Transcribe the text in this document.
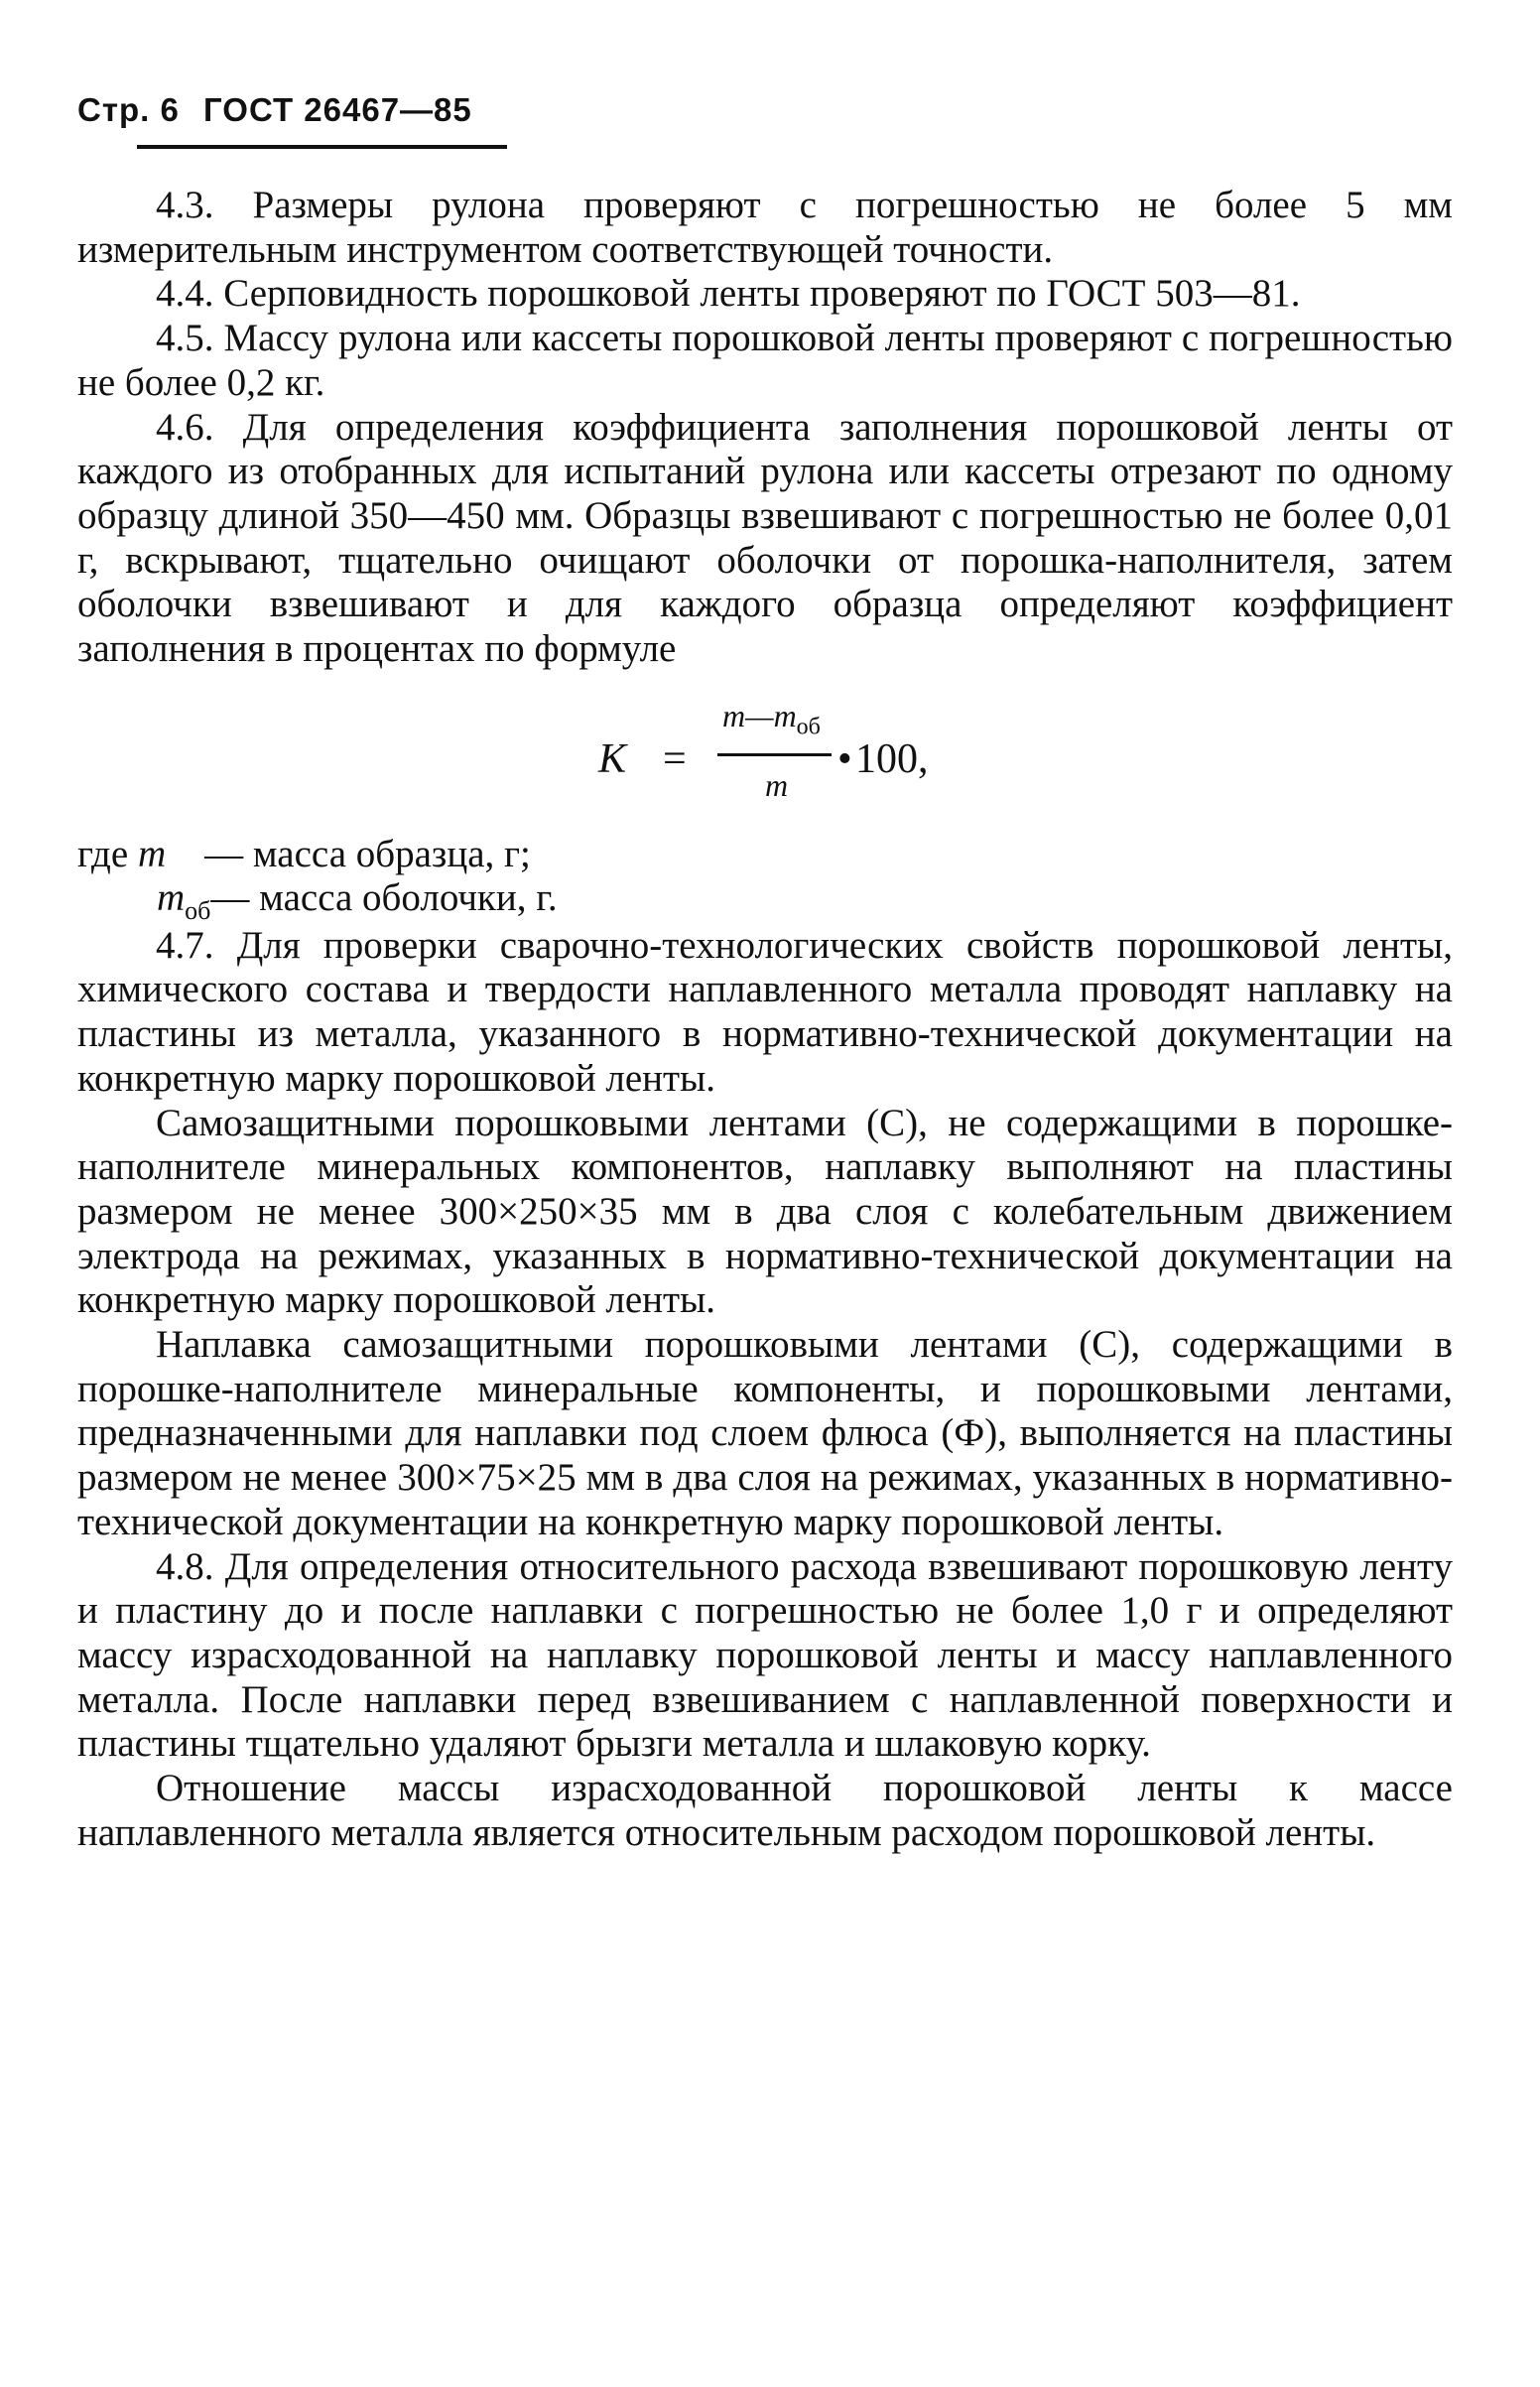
Стр. 6 ГОСТ 26467—85

4.3. Размеры рулона проверяют с погрешностью не более 5 мм измерительным инструментом соответствующей точности.

4.4. Серповидность порошковой ленты проверяют по ГОСТ 503—81.

4.5. Массу рулона или кассеты порошковой ленты проверяют с погрешностью не более 0,2 кг.

4.6. Для определения коэффициента заполнения порошковой ленты от каждого из отобранных для испытаний рулона или кассеты отрезают по одному образцу длиной 350—450 мм. Образцы взвешивают с погрешностью не более 0,01 г, вскрывают, тщательно очищают оболочки от порошка-наполнителя, затем оболочки взвешивают и для каждого образца определяют коэффициент заполнения в процентах по формуле

K =
$m—m_{об}$
m
• 100,
где m — масса образца, г;
$m_{об}—$ масса оболочки, г.

4.7. Для проверки сварочно-технологических свойств порошковой ленты, химического состава и твердости наплавленного металла проводят наплавку на пластины из металла, указанного в нормативно-технической документации на конкретную марку порошковой ленты.

Самозащитными порошковыми лентами (С), не содержащими в порошке-наполнителе минеральных компонентов, наплавку выполняют на пластины размером не менее 300×250×35 мм в два слоя с колебательным движением электрода на режимах, указанных в нормативно-технической документации на конкретную марку порошковой ленты.

Наплавка самозащитными порошковыми лентами (С), содержащими в порошке-наполнителе минеральные компоненты, и порошковыми лентами, предназначенными для наплавки под слоем флюса (Ф), выполняется на пластины размером не менее 300×75×25 мм в два слоя на режимах, указанных в нормативно-технической документации на конкретную марку порошковой ленты.

4.8. Для определения относительного расхода взвешивают порошковую ленту и пластину до и после наплавки с погрешностью не более 1,0 г и определяют массу израсходованной на наплавку порошковой ленты и массу наплавленного металла. После наплавки перед взвешиванием с наплавленной поверхности и пластины тщательно удаляют брызги металла и шлаковую корку.

Отношение массы израсходованной порошковой ленты к массе наплавленного металла является относительным расходом порошковой ленты.
